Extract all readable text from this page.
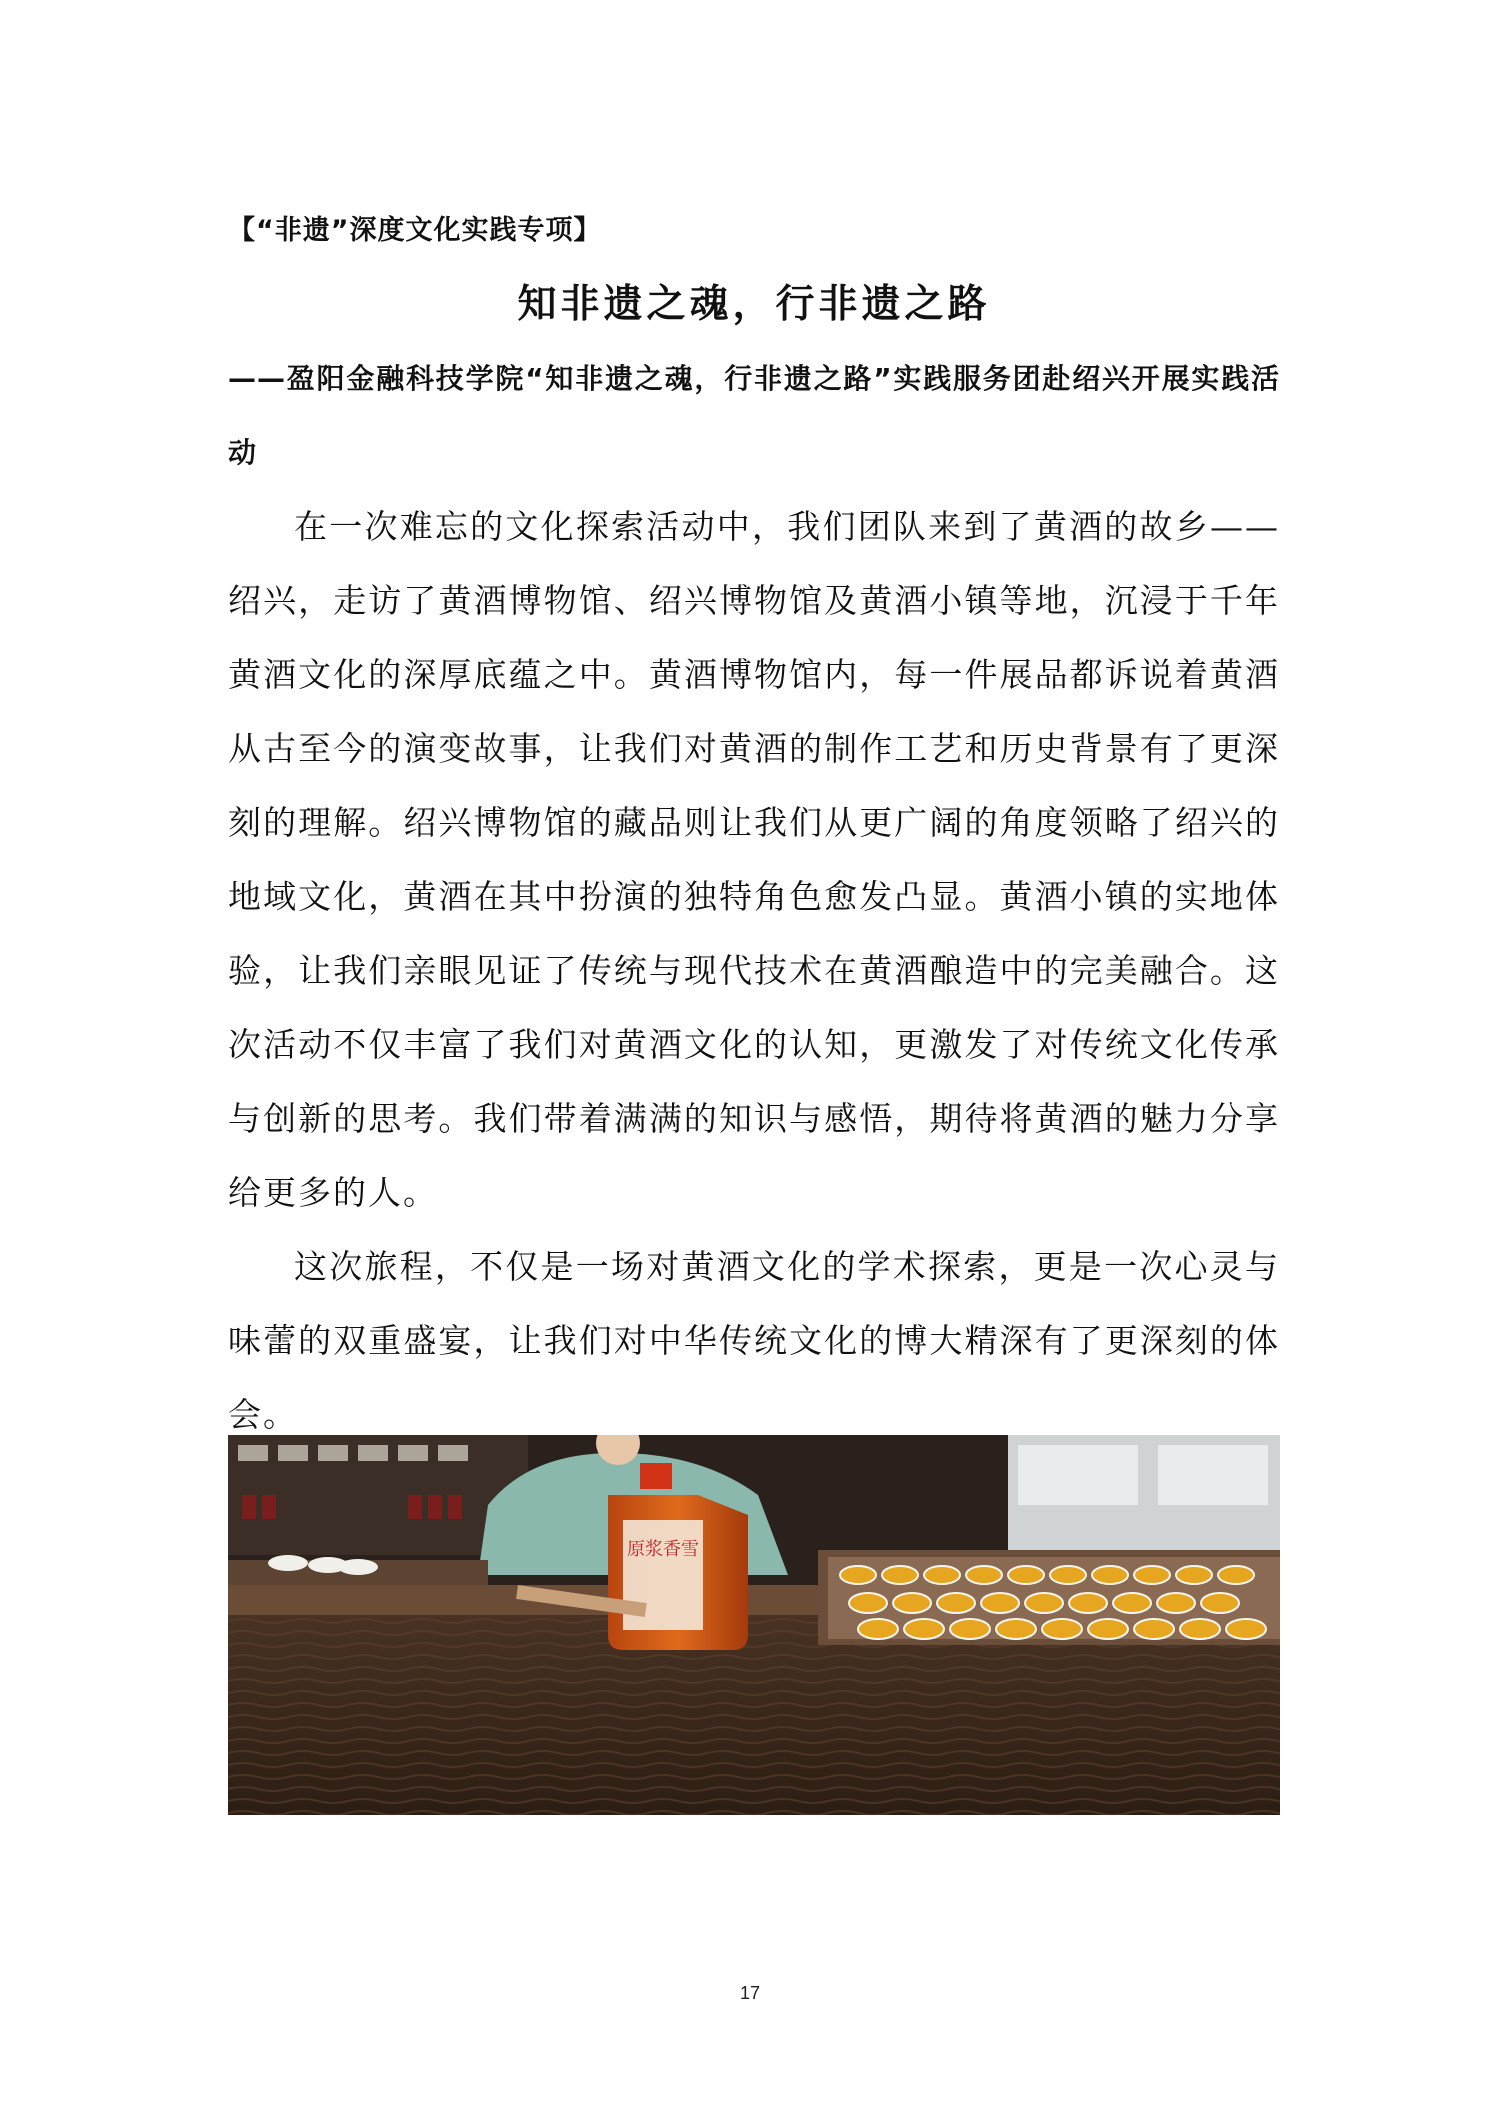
【“非遗”深度文化实践专项】

知非遗之魂，行非遗之路

——盈阳金融科技学院“知非遗之魂，行非遗之路”实践服务团赴绍兴开展实践活动

在一次难忘的文化探索活动中，我们团队来到了黄酒的故乡——绍兴，走访了黄酒博物馆、绍兴博物馆及黄酒小镇等地，沉浸于千年黄酒文化的深厚底蕴之中。黄酒博物馆内，每一件展品都诉说着黄酒从古至今的演变故事，让我们对黄酒的制作工艺和历史背景有了更深刻的理解。绍兴博物馆的藏品则让我们从更广阔的角度领略了绍兴的地域文化，黄酒在其中扮演的独特角色愈发凸显。黄酒小镇的实地体验，让我们亲眼见证了传统与现代技术在黄酒酿造中的完美融合。这次活动不仅丰富了我们对黄酒文化的认知，更激发了对传统文化传承与创新的思考。我们带着满满的知识与感悟，期待将黄酒的魅力分享给更多的人。

这次旅程，不仅是一场对黄酒文化的学术探索，更是一次心灵与味蕾的双重盛宴，让我们对中华传统文化的博大精深有了更深刻的体会。

原浆香雪
17
